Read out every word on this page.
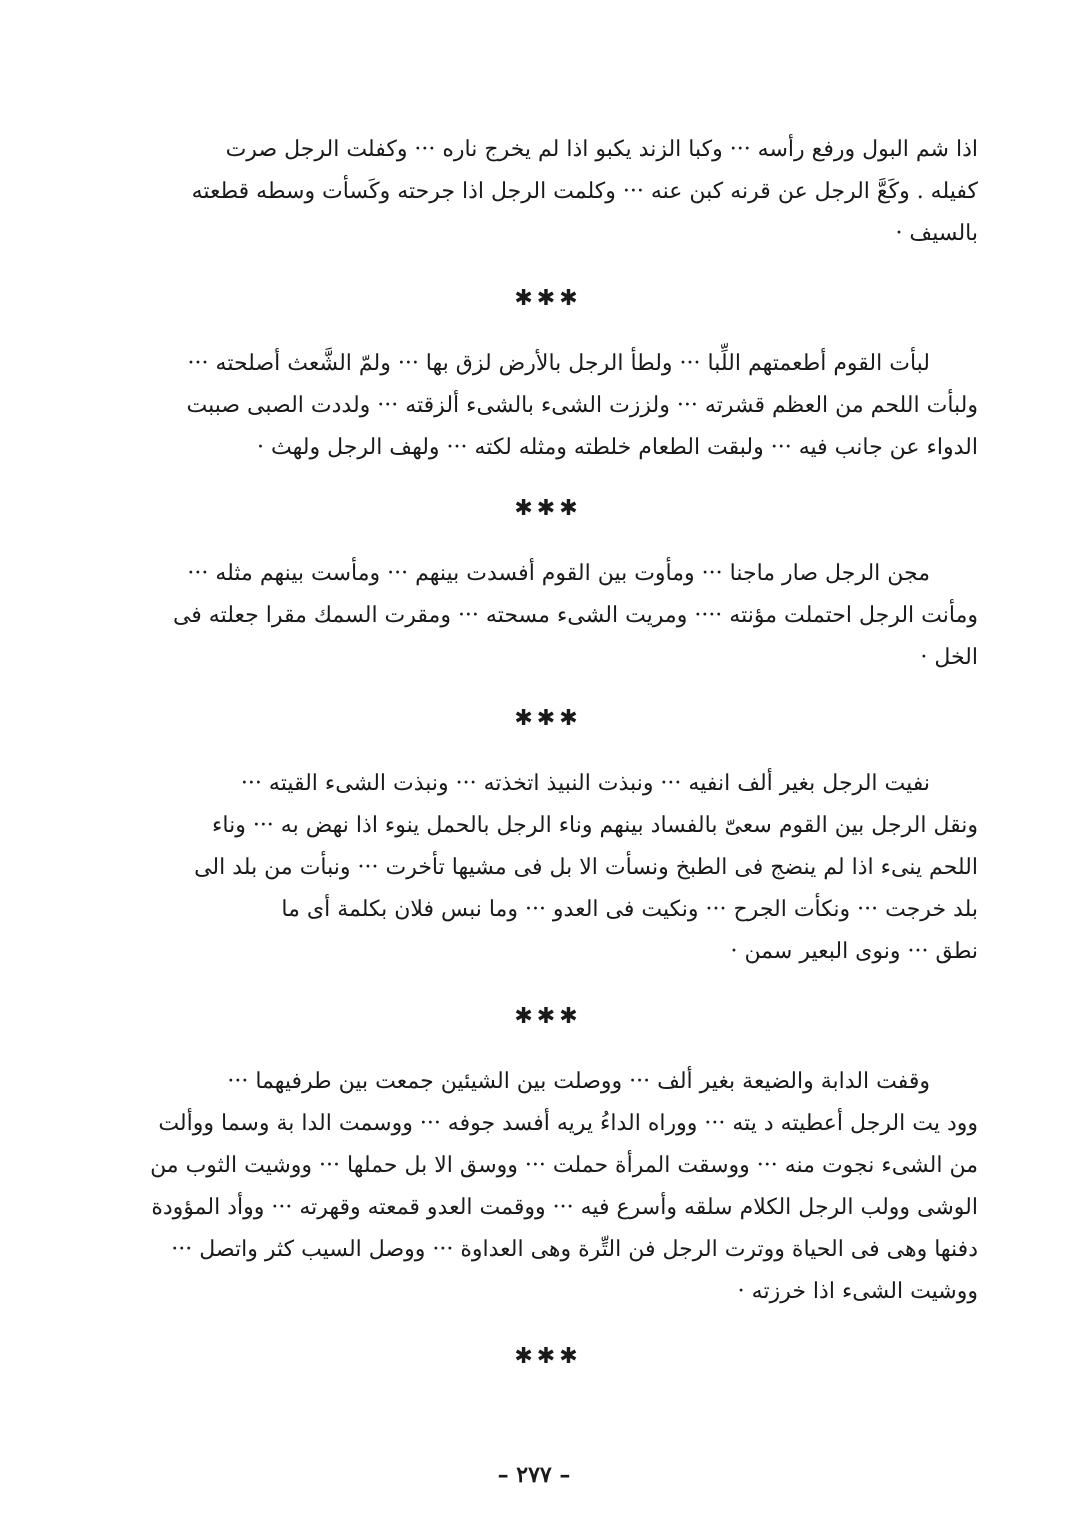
اذا شم البول ورفع رأسه ··· وكبا الزند يكبو اذا لم يخرج ناره ··· وكفلت الرجل صرت

كفيله . وكَعَّ الرجل عن قرنه كبن عنه ··· وكلمت الرجل اذا جرحته وكَسأت وسطه قطعته

بالسيف ·

✱✱✱

لبأت القوم أطعمتهم اللِّبا ··· ولطأ الرجل بالأرض لزق بها ··· ولمّ الشَّعث أصلحته ···

ولبأت اللحم من العظم قشرته ··· ولززت الشىء بالشىء ألزقته ··· ولددت الصبى صببت

الدواء عن جانب فيه ··· ولبقت الطعام خلطته ومثله لكته ··· ولهف الرجل ولهث ·

✱✱✱

مجن الرجل صار ماجنا ··· ومأوت بين القوم أفسدت بينهم ··· ومأست بينهم مثله ···

ومأنت الرجل احتملت مؤنته ···· ومريت الشىء مسحته ··· ومقرت السمك مقرا جعلته فى

الخل ·

✱✱✱

نفيت الرجل بغير ألف انفيه ··· ونبذت النبيذ اتخذته ··· ونبذت الشىء القيته ···

ونقل الرجل بين القوم سعىّ بالفساد بينهم وناء الرجل بالحمل ينوء اذا نهض به ··· وناء

اللحم ينىء اذا لم ينضج فى الطبخ ونسأت الا بل فى مشيها تأخرت ··· ونبأت من بلد الى

بلد خرجت ··· ونكأت الجرح ··· ونكيت فى العدو ··· وما نبس فلان بكلمة أى ما

نطق ··· ونوى البعير سمن ·

✱✱✱

وقفت الدابة والضيعة بغير ألف ··· ووصلت بين الشيئين جمعت بين طرفيهما ···

وود يت الرجل أعطيته د يته ··· ووراه الداءُ يريه أفسد جوفه ··· ووسمت الدا بة وسما ووألت

من الشىء نجوت منه ··· ووسقت المرأة حملت ··· ووسق الا بل حملها ··· ووشيت الثوب من

الوشى وولب الرجل الكلام سلقه وأسرع فيه ··· ووقمت العدو قمعته وقهرته ··· ووأد المؤودة

دفنها وهى فى الحياة ووترت الرجل فن التِّرة وهى العداوة ··· ووصل السيب كثر واتصل ···

ووشيت الشىء اذا خرزته ·

✱✱✱
– ٢٧٧ –
